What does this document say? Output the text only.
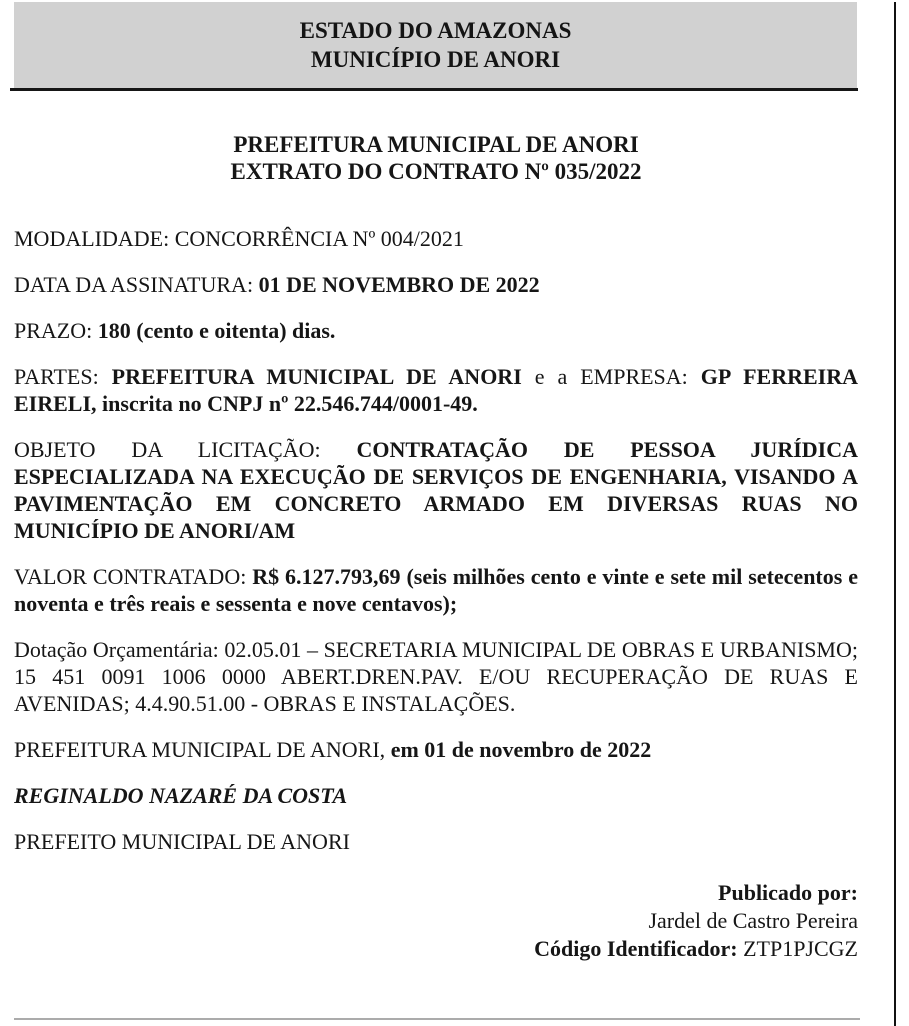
ESTADO DO AMAZONAS
MUNICÍPIO DE ANORI
PREFEITURA MUNICIPAL DE ANORI
EXTRATO DO CONTRATO Nº 035/2022

MODALIDADE: CONCORRÊNCIA Nº 004/2021

DATA DA ASSINATURA: 01 DE NOVEMBRO DE 2022

PRAZO: 180 (cento e oitenta) dias.

PARTES: PREFEITURA MUNICIPAL DE ANORI e a EMPRESA: GP FERREIRA EIRELI, inscrita no CNPJ nº 22.546.744/0001-49.

OBJETO DA LICITAÇÃO: CONTRATAÇÃO DE PESSOA JURÍDICA ESPECIALIZADA NA EXECUÇÃO DE SERVIÇOS DE ENGENHARIA, VISANDO A PAVIMENTAÇÃO EM CONCRETO ARMADO EM DIVERSAS RUAS NO MUNICÍPIO DE ANORI/AM

VALOR CONTRATADO: R$ 6.127.793,69 (seis milhões cento e vinte e sete mil setecentos e noventa e três reais e sessenta e nove centavos);

Dotação Orçamentária: 02.05.01 – SECRETARIA MUNICIPAL DE OBRAS E URBANISMO; 15 451 0091 1006 0000 ABERT.DREN.PAV. E/OU RECUPERAÇÃO DE RUAS E AVENIDAS; 4.4.90.51.00 - OBRAS E INSTALAÇÕES.

PREFEITURA MUNICIPAL DE ANORI, em 01 de novembro de 2022

REGINALDO NAZARÉ DA COSTA

PREFEITO MUNICIPAL DE ANORI

Publicado por:
Jardel de Castro Pereira
Código Identificador: ZTP1PJCGZ
